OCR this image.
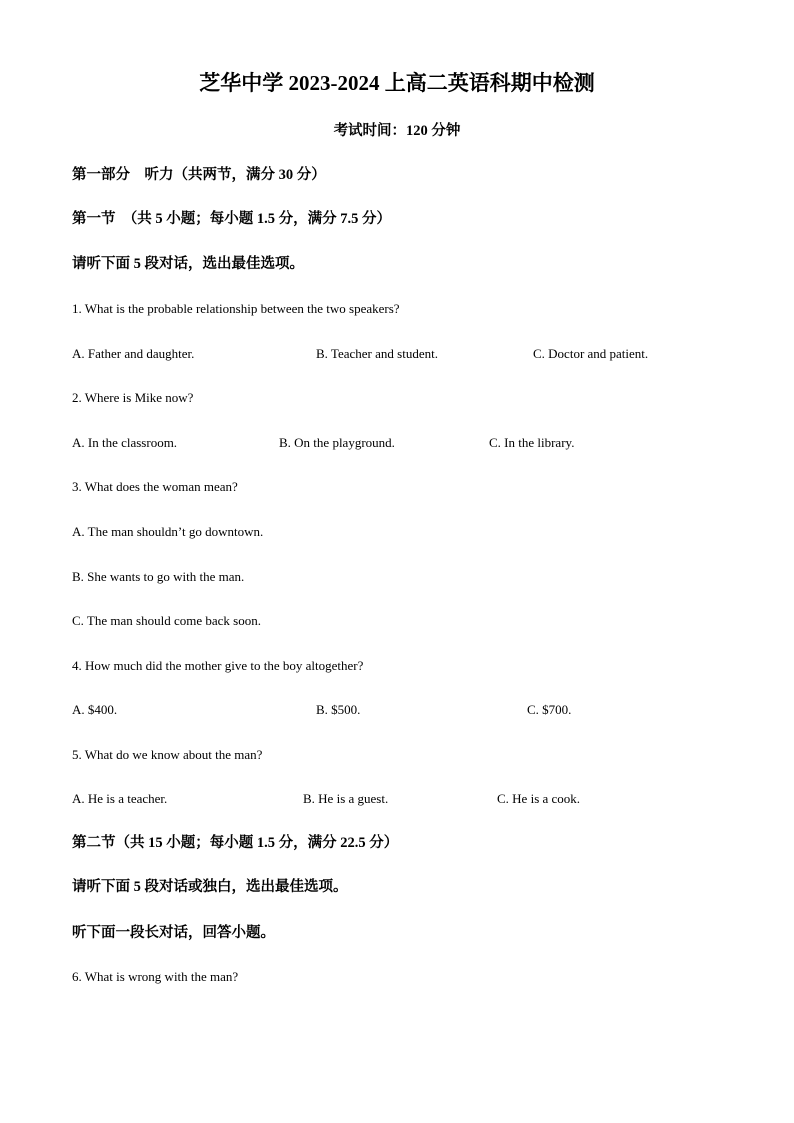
芝华中学 2023-2024 上高二英语科期中检测
考试时间：120 分钟
第一部分　听力（共两节，满分 30 分）
第一节　（共 5 小题；每小题 1.5 分，满分 7.5 分）
请听下面 5 段对话，选出最佳选项。
1. What is the probable relationship between the two speakers?
A. Father and daughter.	B. Teacher and student.	C. Doctor and patient.
2. Where is Mike now?
A. In the classroom.	B. On the playground.	C. In the library.
3. What does the woman mean?
A. The man shouldn’t go downtown.
B. She wants to go with the man.
C. The man should come back soon.
4. How much did the mother give to the boy altogether?
A. $400.	B. $500.	C. $700.
5. What do we know about the man?
A. He is a teacher.	B. He is a guest.	C. He is a cook.
第二节（共 15 小题；每小题 1.5 分，满分 22.5 分）
请听下面 5 段对话或独白，选出最佳选项。
听下面一段长对话，回答小题。
6. What is wrong with the man?
